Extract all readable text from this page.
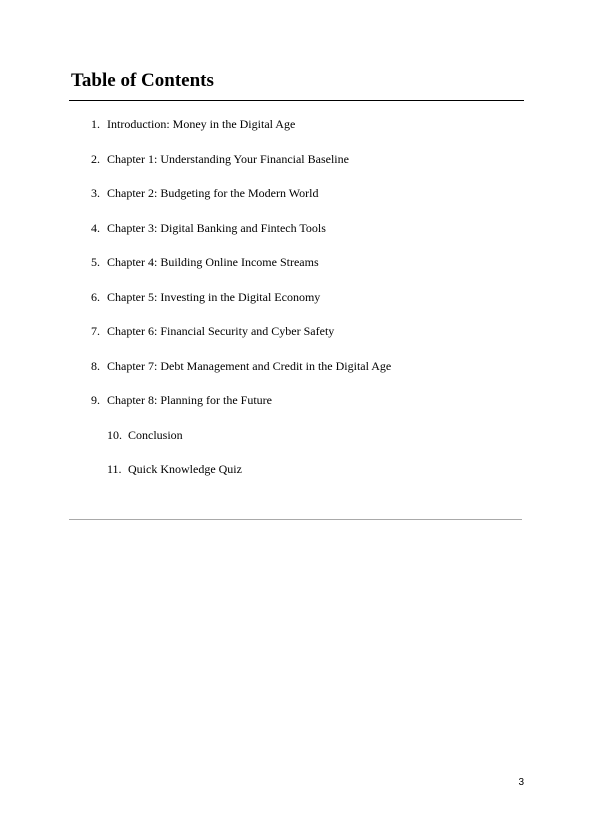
Table of Contents
1. Introduction: Money in the Digital Age
2. Chapter 1: Understanding Your Financial Baseline
3. Chapter 2: Budgeting for the Modern World
4. Chapter 3: Digital Banking and Fintech Tools
5. Chapter 4: Building Online Income Streams
6. Chapter 5: Investing in the Digital Economy
7. Chapter 6: Financial Security and Cyber Safety
8. Chapter 7: Debt Management and Credit in the Digital Age
9. Chapter 8: Planning for the Future
10. Conclusion
11. Quick Knowledge Quiz
3
